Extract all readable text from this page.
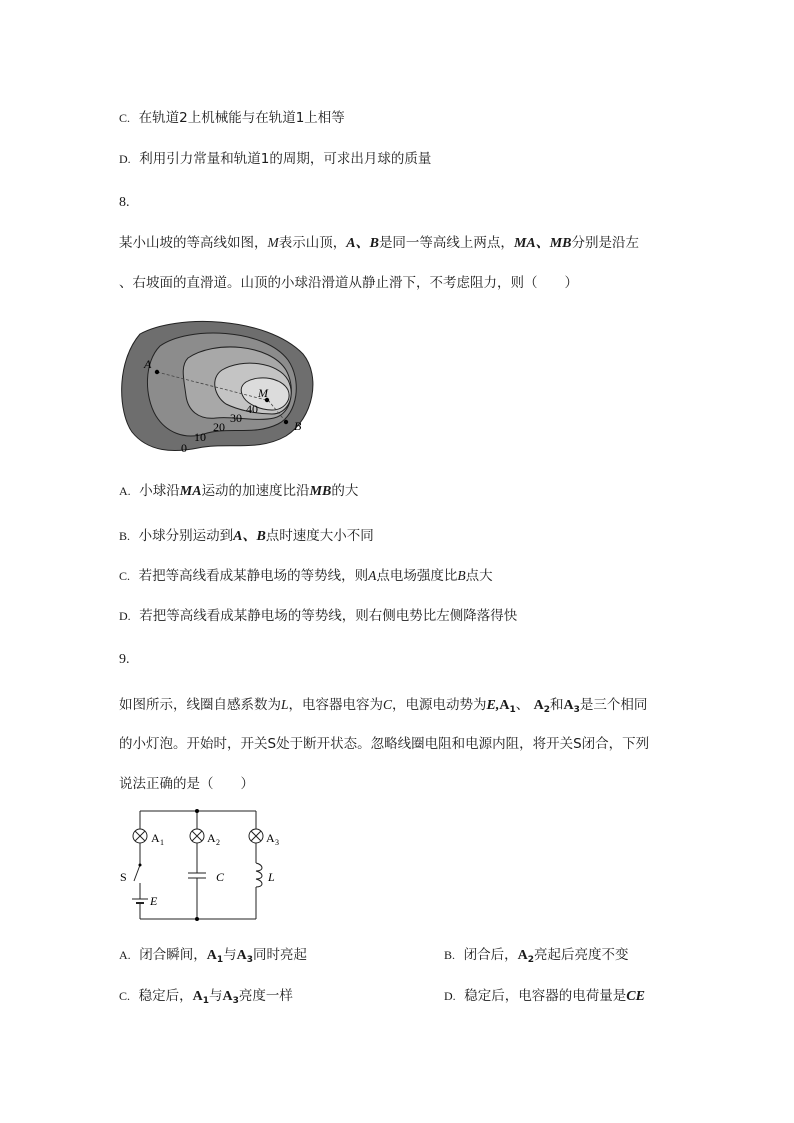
C. 在轨道2上机械能与在轨道1上相等
D. 利用引力常量和轨道1的周期，可求出月球的质量
8.
某小山坡的等高线如图，M表示山顶，A、B是同一等高线上两点，MA、MB分别是沿左
、右坡面的直滑道。山顶的小球沿滑道从静止滑下，不考虑阻力，则（　　）
A
M
B
0
10
20
30
40
A. 小球沿MA运动的加速度比沿MB的大
B. 小球分别运动到A、B点时速度大小不同
C. 若把等高线看成某静电场的等势线，则A点电场强度比B点大
D. 若把等高线看成某静电场的等势线，则右侧电势比左侧降落得快
9.
如图所示，线圈自感系数为L，电容器电容为C，电源电动势为$E,A_1$、 $A_2$和$A_3$是三个相同
的小灯泡。开始时，开关S处于断开状态。忽略线圈电阻和电源内阻，将开关S闭合，下列
说法正确的是（　　）
A 1	A 2	A 3
S	C	L
E
A. 闭合瞬间，$A_1$与$A_3$同时亮起	B. 闭合后，$A_2$亮起后亮度不变
C. 稳定后，$A_1$与$A_3$亮度一样	D. 稳定后，电容器的电荷量是CE
